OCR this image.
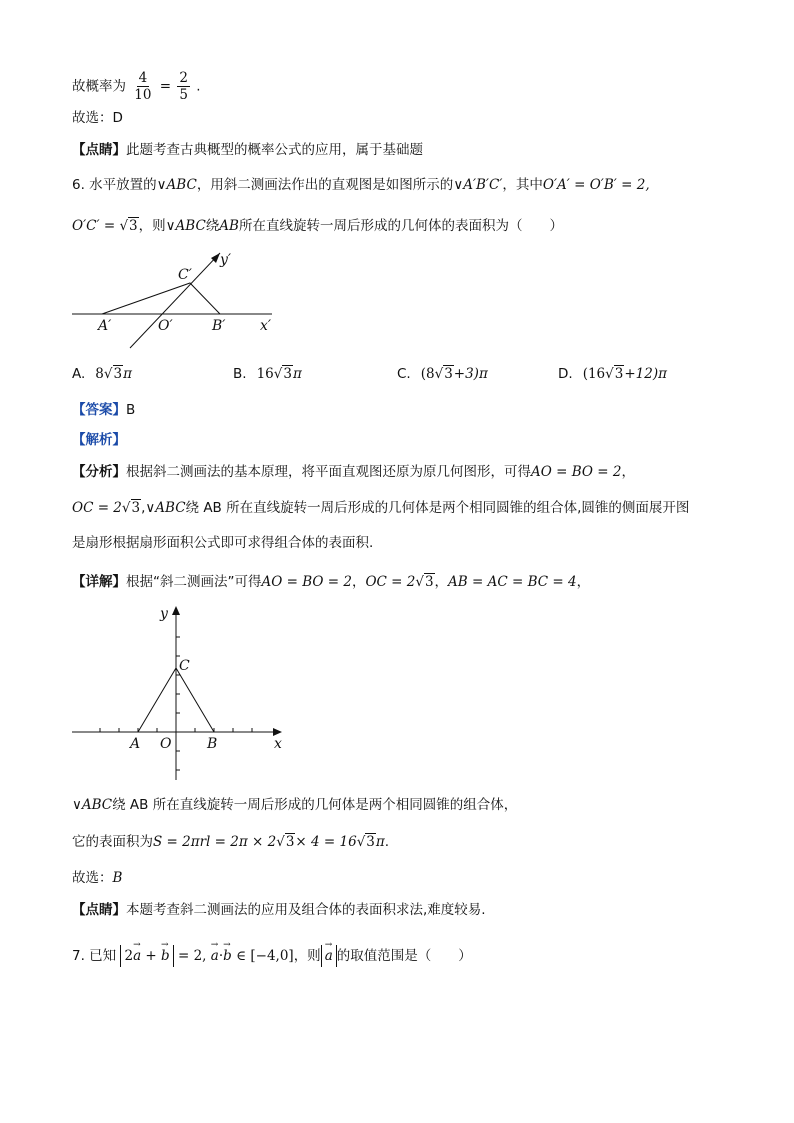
故概率为 $\frac{4}{10} = \frac{2}{5}$ .
故选：D
【点睛】此题考查古典概型的概率公式的应用，属于基础题
6. 水平放置的∨ABC，用斜二测画法作出的直观图是如图所示的∨A′B′C′，其中O′A′ = O′B′ = 2,
O′C′ = √3，则∨ABC绕AB所在直线旋转一周后形成的几何体的表面积为（　　）
C′
y′
A′	O′	B′ x′
A. 8√3π	B. 16√3π	C. (8√3+3)π	D. (16√3+12)π
【答案】B
【解析】
【分析】根据斜二测画法的基本原理，将平面直观图还原为原几何图形，可得AO = BO = 2，
OC = 2√3,∨ABC绕 AB 所在直线旋转一周后形成的几何体是两个相同圆锥的组合体,圆锥的侧面展开图
是扇形根据扇形面积公式即可求得组合体的表面积.
【详解】根据“斜二测画法”可得AO = BO = 2，OC = 2√3，AB = AC = BC = 4，
y
C
A O	B	x
∨ABC绕 AB 所在直线旋转一周后形成的几何体是两个相同圆锥的组合体，
它的表面积为S = 2πrl = 2π × 2√3× 4 = 16√3π.
故选：B
【点睛】本题考查斜二测画法的应用及组合体的表面积求法,难度较易.
7. 已知 2→ a + → b = 2, → a·→ b ∈ [−4,0]，则 → a 的取值范围是（　　）
